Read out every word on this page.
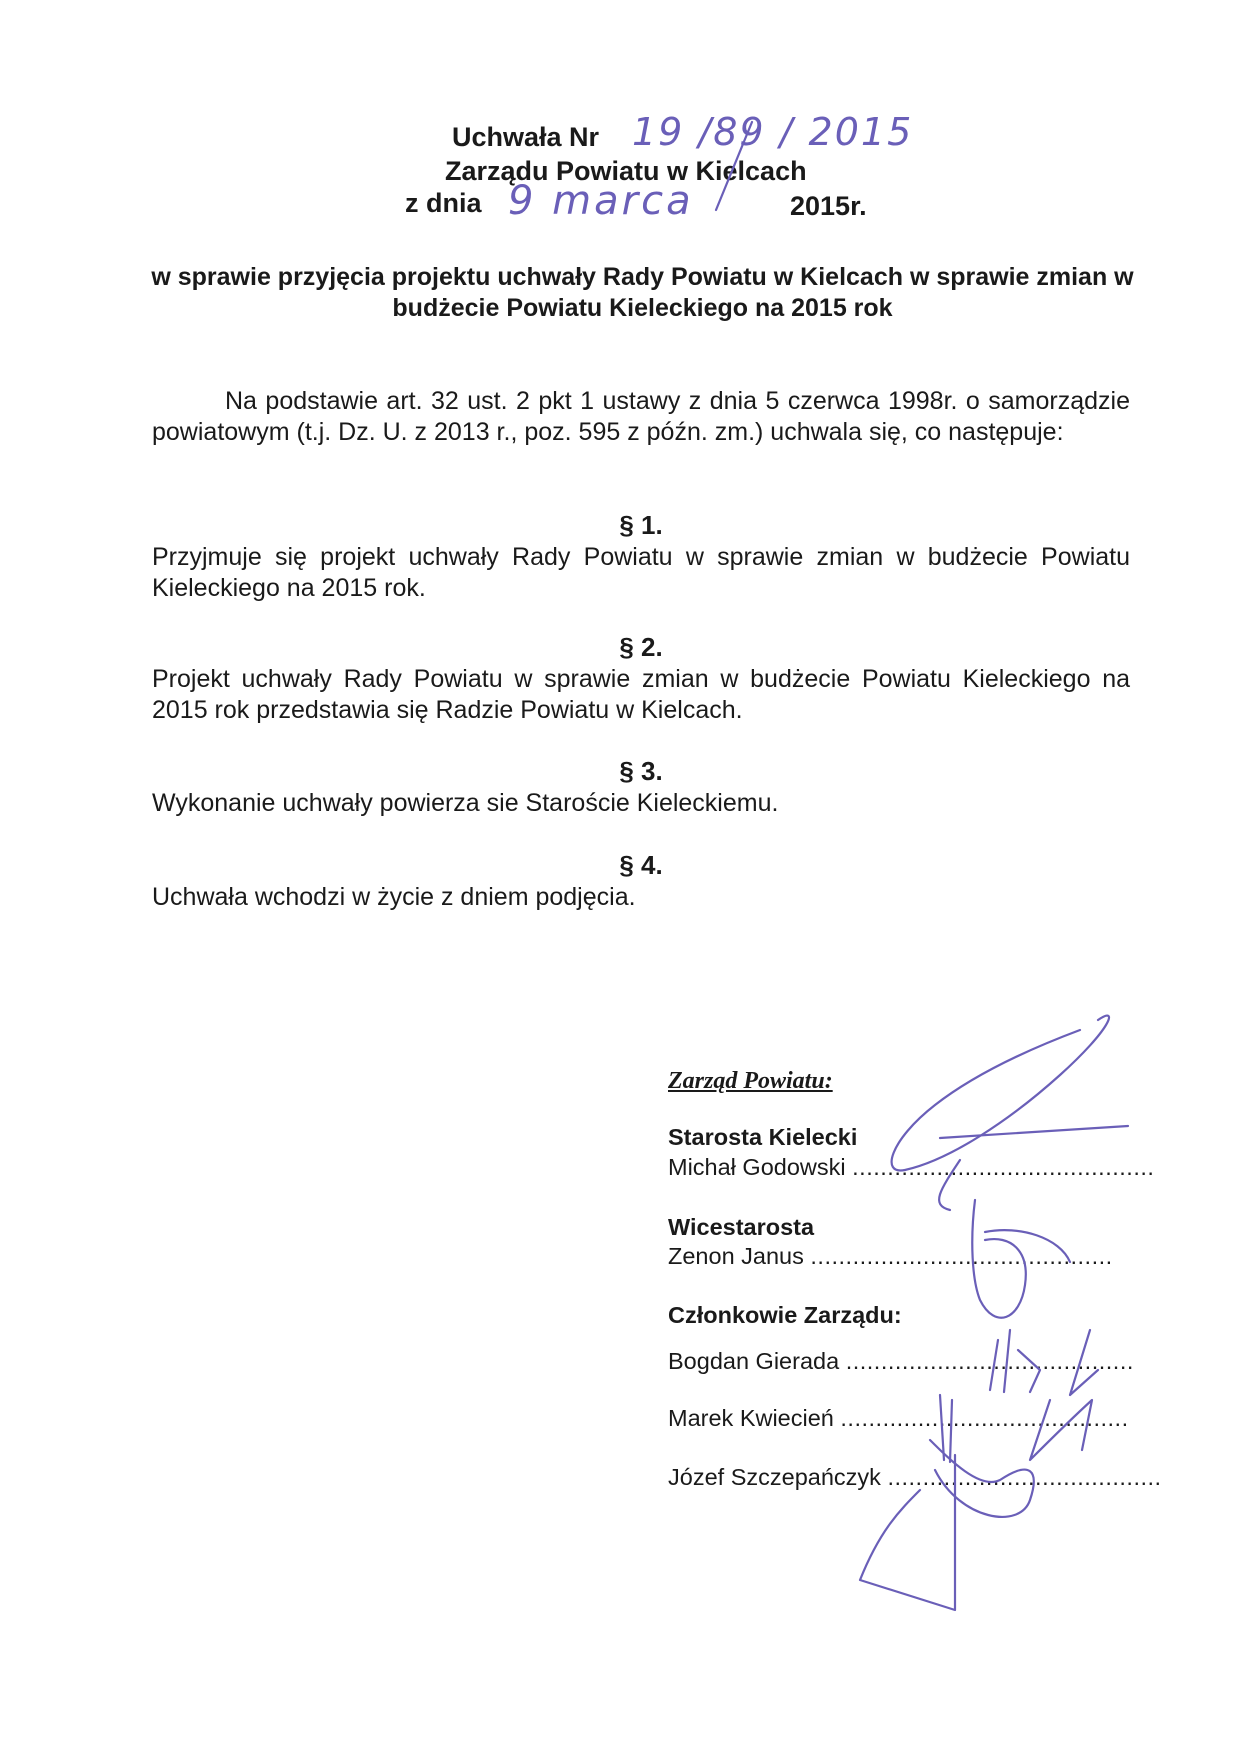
Uchwała Nr 19 /89 / 2015
Zarządu Powiatu w Kielcach
z dnia 9 marca	2015r.
w sprawie przyjęcia projektu uchwały Rady Powiatu w Kielcach w sprawie zmian w budżecie Powiatu Kieleckiego na 2015 rok
Na podstawie art. 32 ust. 2 pkt 1 ustawy z dnia 5 czerwca 1998r. o samorządzie powiatowym (t.j. Dz. U. z 2013 r., poz. 595 z późn. zm.) uchwala się, co następuje:
§ 1.
Przyjmuje się projekt uchwały Rady Powiatu w sprawie zmian w budżecie Powiatu Kieleckiego na 2015 rok.
§ 2.
Projekt uchwały Rady Powiatu w sprawie zmian w budżecie Powiatu Kieleckiego na 2015 rok przedstawia się Radzie Powiatu w Kielcach.
§ 3.
Wykonanie uchwały powierza sie Staroście Kieleckiemu.
§ 4.
Uchwała wchodzi w życie z dniem podjęcia.
Zarząd Powiatu:
Starosta Kielecki
Michał Godowski ...........................................
Wicestarosta
Zenon Janus ...........................................
Członkowie Zarządu:
Bogdan Gierada .........................................
Marek Kwiecień .........................................
Józef Szczepańczyk .......................................
